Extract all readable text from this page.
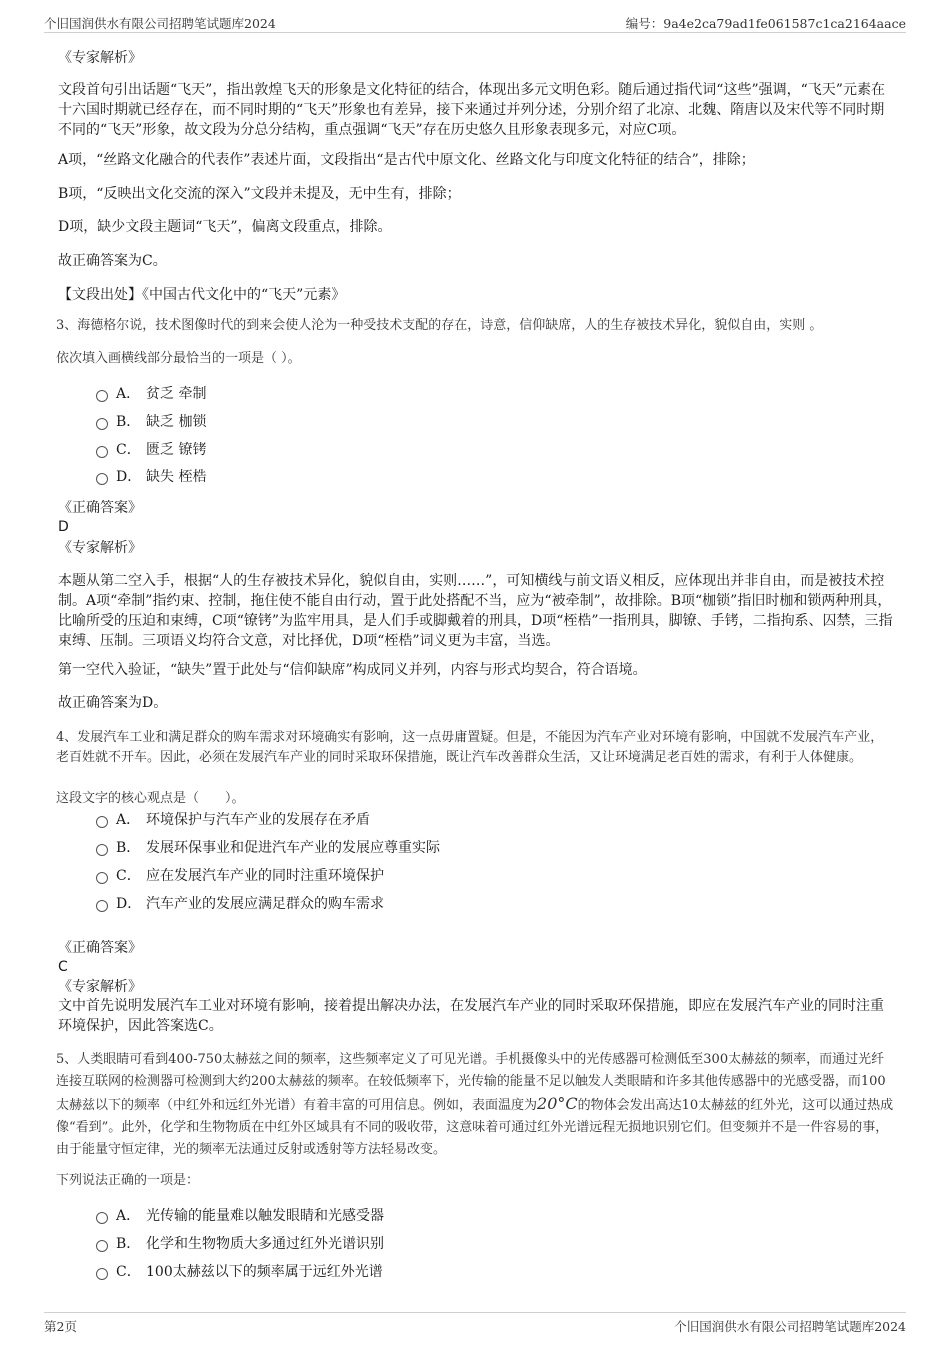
个旧国润供水有限公司招聘笔试题库2024	编号：9a4e2ca79ad1fe061587c1ca2164aace
《专家解析》
文段首句引出话题“飞天”，指出敦煌飞天的形象是文化特征的结合，体现出多元文明色彩。随后通过指代词“这些”强调，“飞天”元素在十六国时期就已经存在，而不同时期的“飞天”形象也有差异，接下来通过并列分述，分别介绍了北凉、北魏、隋唐以及宋代等不同时期不同的“飞天”形象，故文段为分总分结构，重点强调“飞天”存在历史悠久且形象表现多元，对应C项。
A项，“丝路文化融合的代表作”表述片面，文段指出“是古代中原文化、丝路文化与印度文化特征的结合”，排除；
B项，“反映出文化交流的深入”文段并未提及，无中生有，排除；
D项，缺少文段主题词“飞天”，偏离文段重点，排除。
故正确答案为C。
【文段出处】《中国古代文化中的“飞天”元素》
3、海德格尔说，技术图像时代的到来会使人沦为一种受技术支配的存在，诗意，信仰缺席，人的生存被技术异化，貌似自由，实则 。
依次填入画横线部分最恰当的一项是（ ）。
A． 贫乏 牵制
B． 缺乏 枷锁
C． 匮乏 镣铐
D． 缺失 桎梏
《正确答案》
D
《专家解析》
本题从第二空入手，根据“人的生存被技术异化，貌似自由，实则……”，可知横线与前文语义相反，应体现出并非自由，而是被技术控制。A项“牵制”指约束、控制，拖住使不能自由行动，置于此处搭配不当，应为“被牵制”，故排除。B项“枷锁”指旧时枷和锁两种刑具，比喻所受的压迫和束缚，C项“镣铐”为监牢用具，是人们手或脚戴着的刑具，D项“桎梏”一指刑具，脚镣、手铐，二指拘系、囚禁，三指束缚、压制。三项语义均符合文意，对比择优，D项“桎梏”词义更为丰富，当选。
第一空代入验证，“缺失”置于此处与“信仰缺席”构成同义并列，内容与形式均契合，符合语境。
故正确答案为D。
4、发展汽车工业和满足群众的购车需求对环境确实有影响，这一点毋庸置疑。但是，不能因为汽车产业对环境有影响，中国就不发展汽车产业，老百姓就不开车。因此，必须在发展汽车产业的同时采取环保措施，既让汽车改善群众生活，又让环境满足老百姓的需求，有利于人体健康。
这段文字的核心观点是（　　）。
A． 环境保护与汽车产业的发展存在矛盾
B． 发展环保事业和促进汽车产业的发展应尊重实际
C． 应在发展汽车产业的同时注重环境保护
D． 汽车产业的发展应满足群众的购车需求
《正确答案》
C
《专家解析》
文中首先说明发展汽车工业对环境有影响，接着提出解决办法，在发展汽车产业的同时采取环保措施，即应在发展汽车产业的同时注重环境保护，因此答案选C。
5、人类眼睛可看到400-750太赫兹之间的频率，这些频率定义了可见光谱。手机摄像头中的光传感器可检测低至300太赫兹的频率，而通过光纤连接互联网的检测器可检测到大约200太赫兹的频率。在较低频率下，光传输的能量不足以触发人类眼睛和许多其他传感器中的光感受器，而100太赫兹以下的频率（中红外和远红外光谱）有着丰富的可用信息。例如，表面温度为20°C的物体会发出高达10太赫兹的红外光，这可以通过热成像“看到”。此外，化学和生物物质在中红外区域具有不同的吸收带，这意味着可通过红外光谱远程无损地识别它们。但变频并不是一件容易的事，由于能量守恒定律，光的频率无法通过反射或透射等方法轻易改变。
下列说法正确的一项是：
A． 光传输的能量难以触发眼睛和光感受器
B． 化学和生物物质大多通过红外光谱识别
C． 100太赫兹以下的频率属于远红外光谱
第2页	个旧国润供水有限公司招聘笔试题库2024
